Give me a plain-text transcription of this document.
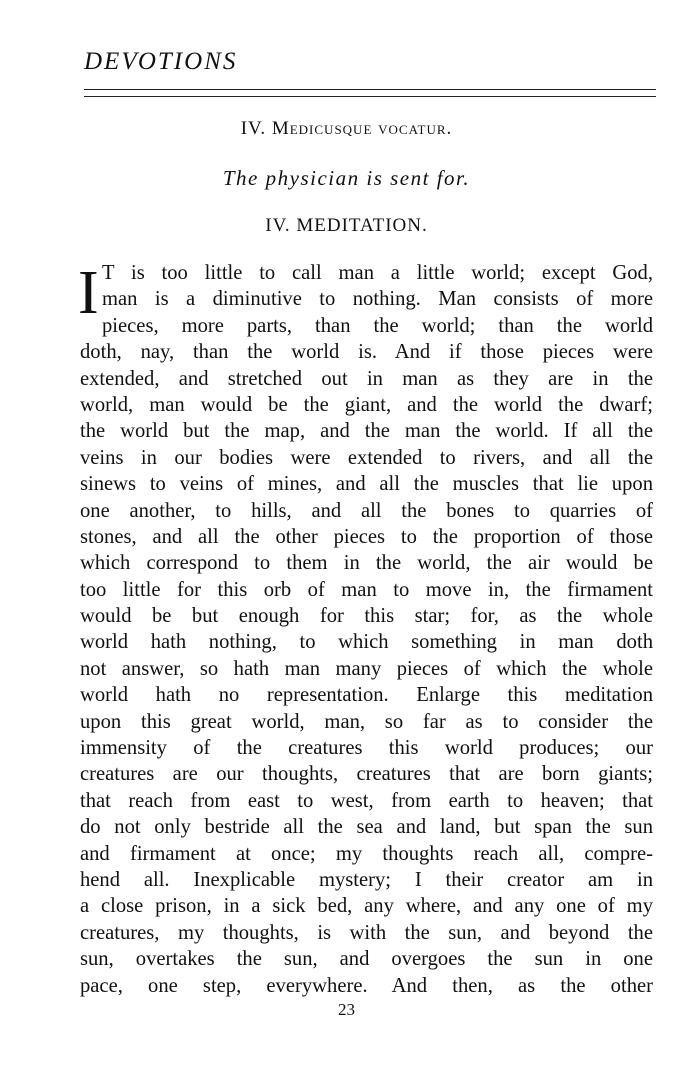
DEVOTIONS
IV. Medicusque vocatur.
The physician is sent for.
IV. MEDITATION.
I T is too little to call man a little world; except God,
man is a diminutive to nothing. Man consists of more
pieces, more parts, than the world; than the world
doth, nay, than the world is. And if those pieces were
extended, and stretched out in man as they are in the
world, man would be the giant, and the world the dwarf;
the world but the map, and the man the world. If all the
veins in our bodies were extended to rivers, and all the
sinews to veins of mines, and all the muscles that lie upon
one another, to hills, and all the bones to quarries of
stones, and all the other pieces to the proportion of those
which correspond to them in the world, the air would be
too little for this orb of man to move in, the firmament
would be but enough for this star; for, as the whole
world hath nothing, to which something in man doth
not answer, so hath man many pieces of which the whole
world hath no representation. Enlarge this meditation
upon this great world, man, so far as to consider the
immensity of the creatures this world produces; our
creatures are our thoughts, creatures that are born giants;
that reach from east to west, from earth to heaven; that
do not only bestride all the sea and land, but span the sun
and firmament at once; my thoughts reach all, compre-
hend all. Inexplicable mystery; I their creator am in
a close prison, in a sick bed, any where, and any one of my
creatures, my thoughts, is with the sun, and beyond the
sun, overtakes the sun, and overgoes the sun in one
pace, one step, everywhere. And then, as the other
23
